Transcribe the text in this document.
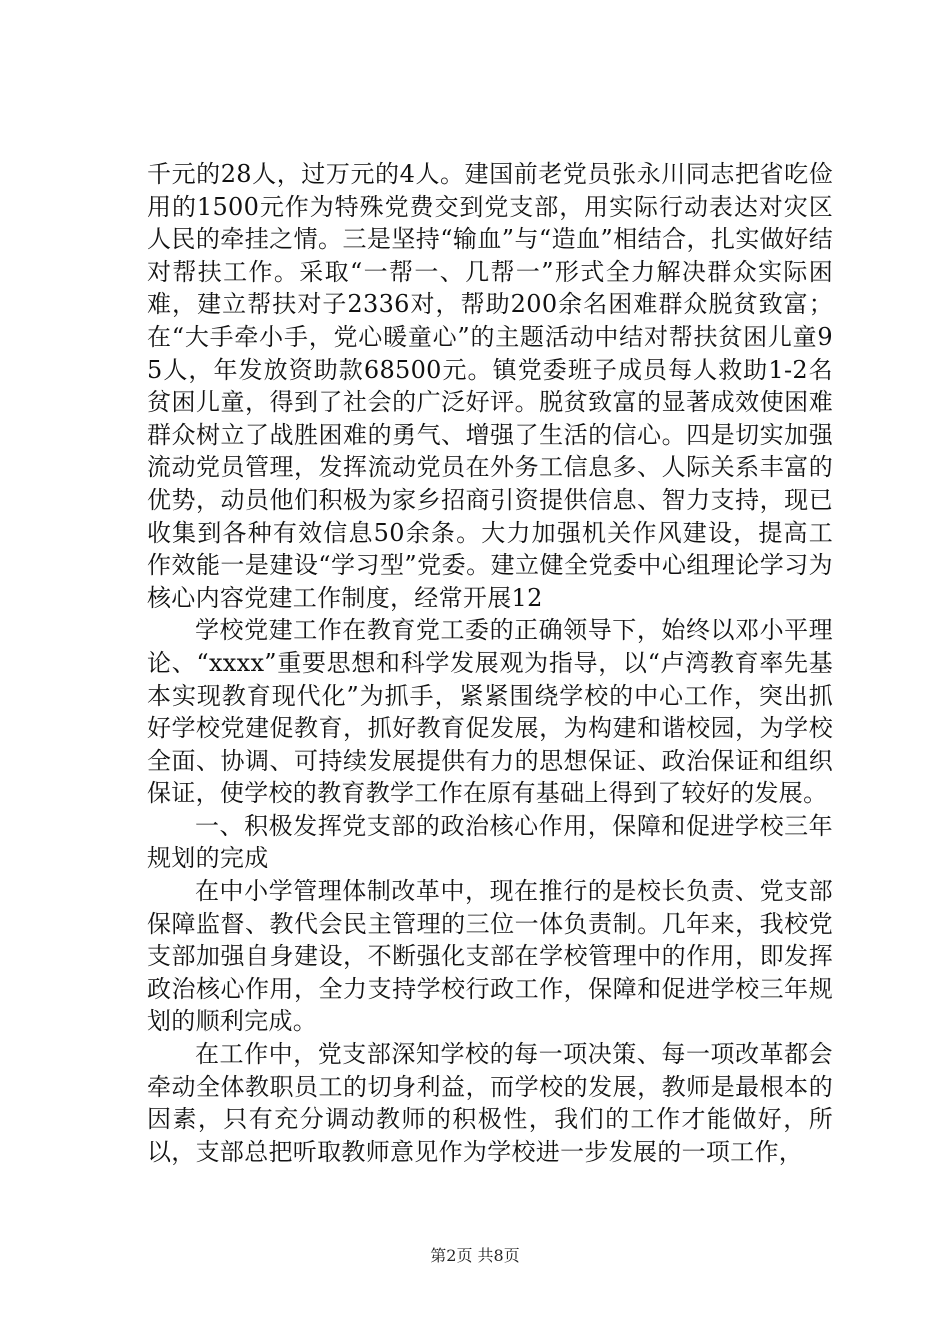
千元的28人，过万元的4人。建国前老党员张永川同志把省吃俭用的1500元作为特殊党费交到党支部，用实际行动表达对灾区人民的牵挂之情。三是坚持“输血”与“造血”相结合，扎实做好结对帮扶工作。采取“一帮一、几帮一”形式全力解决群众实际困难，建立帮扶对子2336对，帮助200余名困难群众脱贫致富；在“大手牵小手，党心暖童心”的主题活动中结对帮扶贫困儿童95人，年发放资助款68500元。镇党委班子成员每人救助1-2名贫困儿童，得到了社会的广泛好评。脱贫致富的显著成效使困难群众树立了战胜困难的勇气、增强了生活的信心。四是切实加强流动党员管理，发挥流动党员在外务工信息多、人际关系丰富的优势，动员他们积极为家乡招商引资提供信息、智力支持，现已收集到各种有效信息50余条。大力加强机关作风建设，提高工作效能一是建设“学习型”党委。建立健全党委中心组理论学习为核心内容党建工作制度，经常开展12

学校党建工作在教育党工委的正确领导下，始终以邓小平理论、“xxxx”重要思想和科学发展观为指导，以“卢湾教育率先基本实现教育现代化”为抓手，紧紧围绕学校的中心工作，突出抓好学校党建促教育，抓好教育促发展，为构建和谐校园，为学校全面、协调、可持续发展提供有力的思想保证、政治保证和组织保证，使学校的教育教学工作在原有基础上得到了较好的发展。

一、积极发挥党支部的政治核心作用，保障和促进学校三年规划的完成

在中小学管理体制改革中，现在推行的是校长负责、党支部保障监督、教代会民主管理的三位一体负责制。几年来，我校党支部加强自身建设，不断强化支部在学校管理中的作用，即发挥政治核心作用，全力支持学校行政工作，保障和促进学校三年规划的顺利完成。

在工作中，党支部深知学校的每一项决策、每一项改革都会牵动全体教职员工的切身利益，而学校的发展，教师是最根本的因素，只有充分调动教师的积极性，我们的工作才能做好，所以，支部总把听取教师意见作为学校进一步发展的一项工作，

第2页 共8页
